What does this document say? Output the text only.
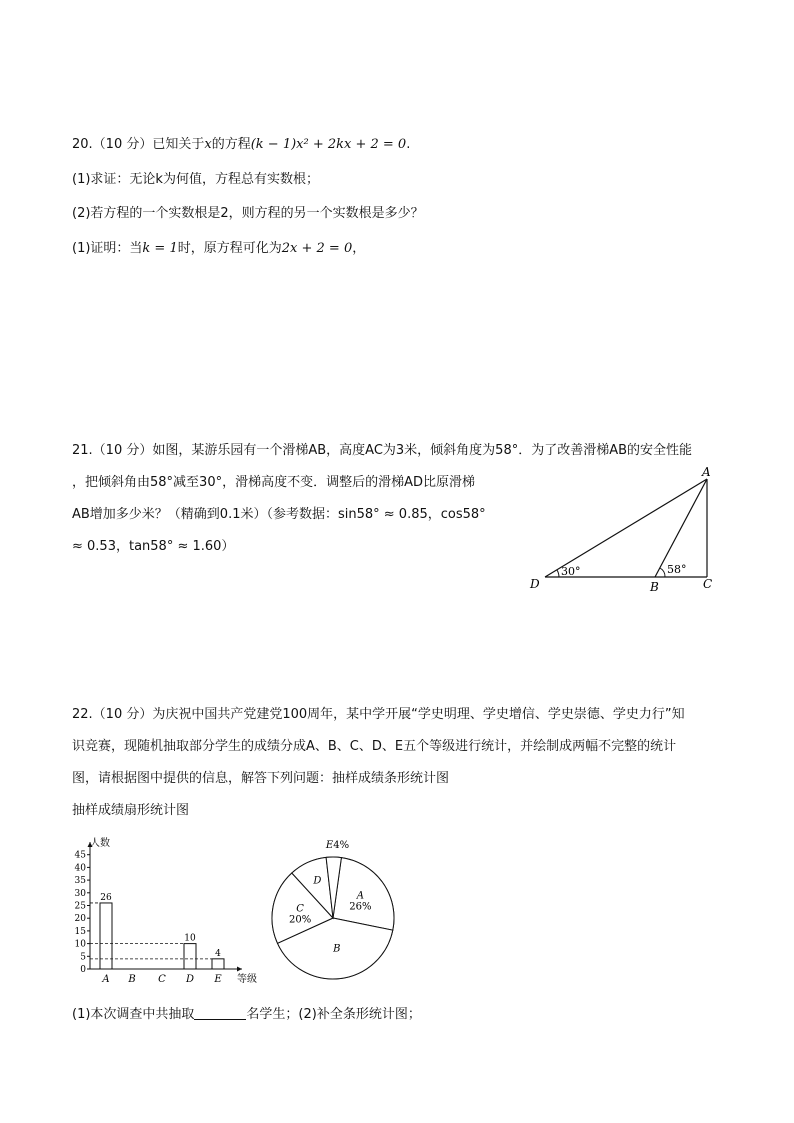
20.（10 分）已知关于x的方程(k − 1)x² + 2kx + 2 = 0.
(1)求证：无论k为何值，方程总有实数根；
(2)若方程的一个实数根是2，则方程的另一个实数根是多少？
(1)证明：当k = 1时，原方程可化为2x + 2 = 0，
21.（10 分）如图，某游乐园有一个滑梯AB，高度AC为3米，倾斜角度为58°．为了改善滑梯AB的安全性能
，把倾斜角由58°减至30°，滑梯高度不变．调整后的滑梯AD比原滑梯
AB增加多少米？（精确到0.1米）（参考数据：sin58° ≈ 0.85，cos58°
≈ 0.53，tan58° ≈ 1.60）
A
D	B	C
30°	58°
22.（10 分）为庆祝中国共产党建党100周年，某中学开展“学史明理、学史增信、学史崇德、学史力行”知
识竞赛，现随机抽取部分学生的成绩分成A、B、C、D、E五个等级进行统计，并绘制成两幅不完整的统计
图，请根据图中提供的信息，解答下列问题：抽样成绩条形统计图
抽样成绩扇形统计图
0
5
10
15
20
25
30
35
40
45
A
26
B C D
10
E
4
人数
等级
A
26%
B
C
20%
D
E4%
(1)本次调查中共抽取	名学生；(2)补全条形统计图；
